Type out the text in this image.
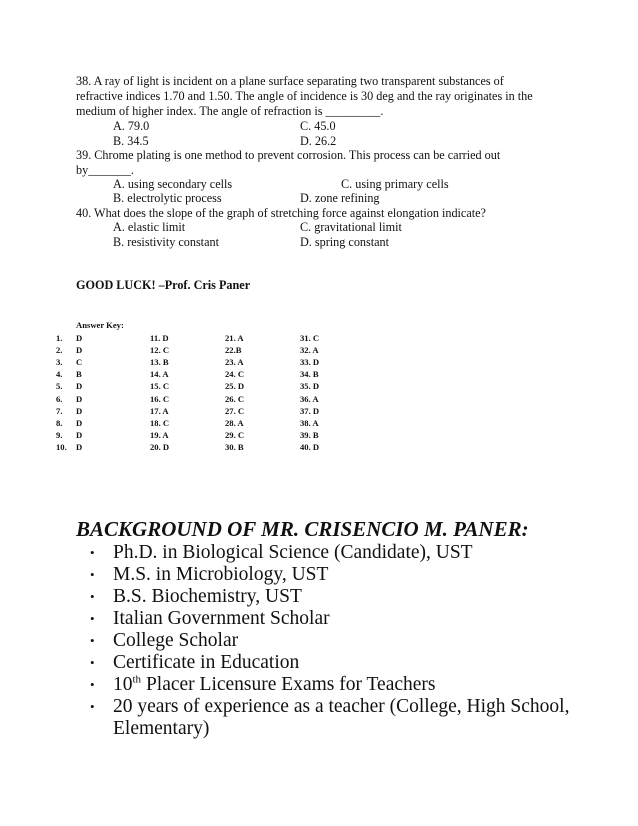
38. A ray of light is incident on a plane surface separating two transparent substances of
refractive indices 1.70 and 1.50. The angle of incidence is 30 deg and the ray originates in the
medium of higher index. The angle of refraction is _________.
A. 79.0	C. 45.0
B. 34.5	D. 26.2
39. Chrome plating is one method to prevent corrosion. This process can be carried out
by_______.
A. using secondary cells	C. using primary cells
B. electrolytic process	D. zone refining
40. What does the slope of the graph of stretching force against elongation indicate?
A. elastic limit	C. gravitational limit
B. resistivity constant	D. spring constant
GOOD LUCK! –Prof. Cris Paner
Answer Key:
1. D	11. D	21. A	31. C
2. D	12. C	22.B	32. A
3. C	13. B	23. A	33. D
4. B	14. A	24. C	34. B
5. D	15. C	25. D	35. D
6. D	16. C	26. C	36. A
7. D	17. A	27. C	37. D
8. D	18. C	28. A	38. A
9. D	19. A	29. C	39. B
10. D	20. D	30. B	40. D
BACKGROUND OF MR. CRISENCIO M. PANER:
• Ph.D. in Biological Science (Candidate), UST
• M.S. in Microbiology, UST
• B.S. Biochemistry, UST
• Italian Government Scholar
• College Scholar
• Certificate in Education
• 10th Placer Licensure Exams for Teachers
• 20 years of experience as a teacher (College, High School,
Elementary)
